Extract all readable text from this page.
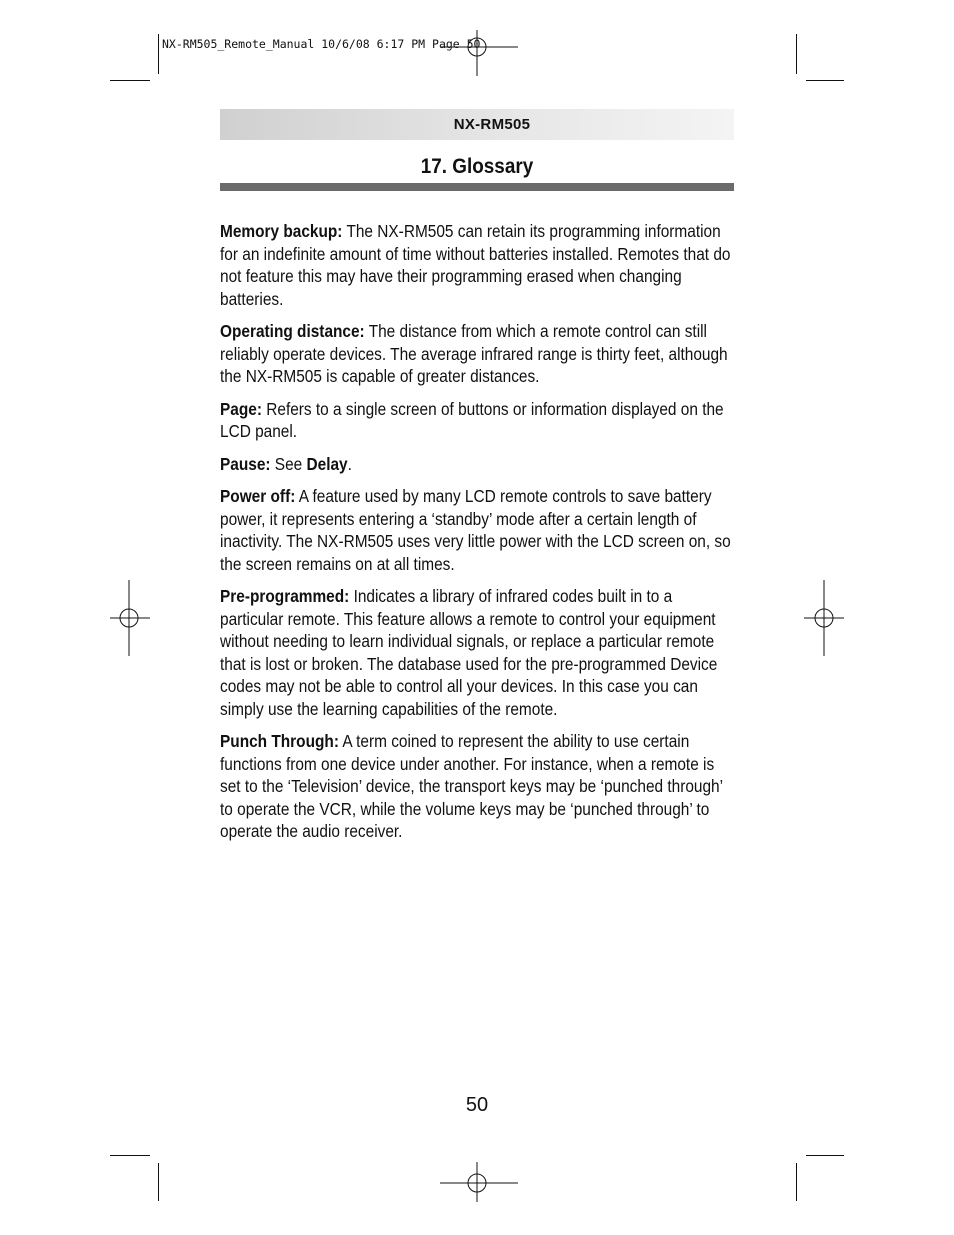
NX-RM505_Remote_Manual 10/6/08 6:17 PM Page 50
NX-RM505
17. Glossary

Memory backup: The NX-RM505 can retain its programming information for an indefinite amount of time without batteries installed. Remotes that do not feature this may have their programming erased when changing batteries.

Operating distance: The distance from which a remote control can still reliably operate devices. The average infrared range is thirty feet, although the NX-RM505 is capable of greater distances.

Page: Refers to a single screen of buttons or information displayed on the LCD panel.

Pause: See Delay.

Power off: A feature used by many LCD remote controls to save battery power, it represents entering a ‘standby’ mode after a certain length of inactivity. The NX-RM505 uses very little power with the LCD screen on, so the screen remains on at all times.

Pre-programmed: Indicates a library of infrared codes built in to a particular remote. This feature allows a remote to control your equipment without needing to learn individual signals, or replace a particular remote that is lost or broken. The database used for the pre-programmed Device codes may not be able to control all your devices. In this case you can simply use the learning capabilities of the remote.

Punch Through: A term coined to represent the ability to use certain functions from one device under another. For instance, when a remote is set to the ‘Television’ device, the transport keys may be ‘punched through’ to operate the VCR, while the volume keys may be ‘punched through’ to operate the audio receiver.

50
